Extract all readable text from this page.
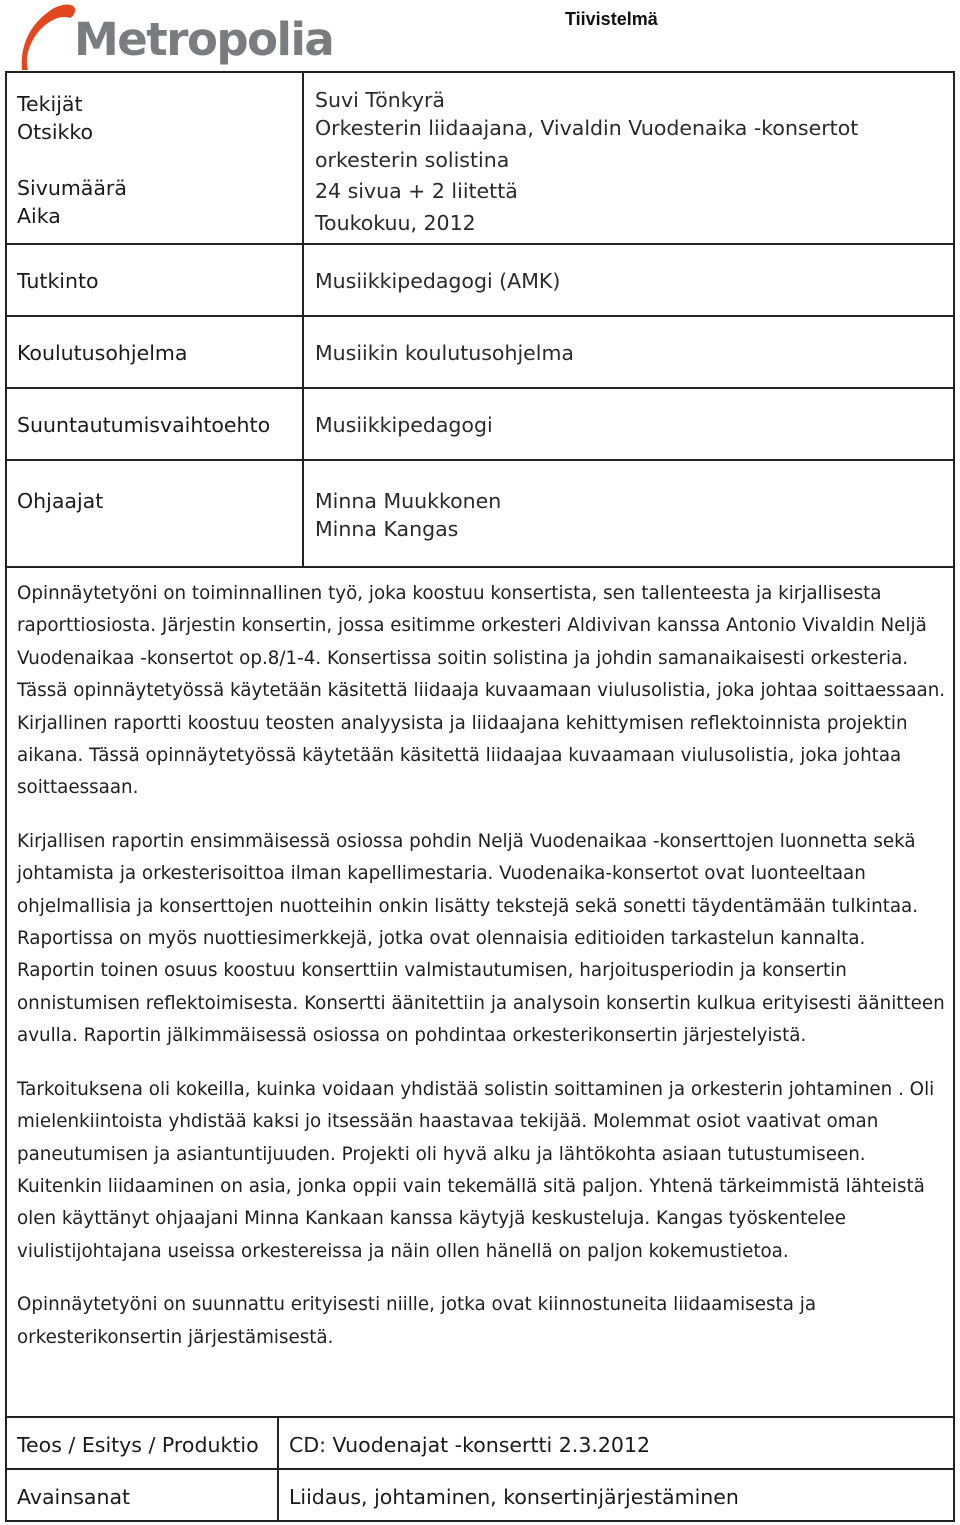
Metropolia	Tiivistelmä
Tekijät
Otsikko
Sivumäärä
Aika
Tutkinto
Koulutusohjelma
Suuntautumisvaihtoehto
Ohjaajat
Suvi Tönkyrä
Orkesterin liidaajana, Vivaldin Vuodenaika -konsertot orkesterin solistina
24 sivua + 2 liitettä
Toukokuu, 2012
Musiikkipedagogi (AMK)
Musiikin koulutusohjelma
Musiikkipedagogi
Minna Muukkonen
Minna Kangas

Opinnäytetyöni on toiminnallinen työ, joka koostuu konsertista, sen tallenteesta ja kirjallisesta raporttiosiosta. Järjestin konsertin, jossa esitimme orkesteri Aldivivan kanssa Antonio Vivaldin Neljä Vuodenaikaa -konsertot op.8/1-4. Konsertissa soitin solistina ja johdin samanaikaisesti orkesteria. Tässä opinnäytetyössä käytetään käsitettä liidaaja kuvaamaan viulusolistia, joka johtaa soittaessaan. Kirjallinen raportti koostuu teosten analyysista ja liidaajana kehittymisen reflektoinnista projektin aikana. Tässä opinnäytetyössä käytetään käsitettä liidaajaa kuvaamaan viulusolistia, joka johtaa soittaessaan.

Kirjallisen raportin ensimmäisessä osiossa pohdin Neljä Vuodenaikaa -konserttojen luonnetta sekä johtamista ja orkesterisoittoa ilman kapellimestaria. Vuodenaika-konsertot ovat luonteeltaan ohjelmallisia ja konserttojen nuotteihin onkin lisätty tekstejä sekä sonetti täydentämään tulkintaa. Raportissa on myös nuottiesimerkkejä, jotka ovat olennaisia editioiden tarkastelun kannalta. Raportin toinen osuus koostuu konserttiin valmistautumisen, harjoitusperiodin ja konsertin onnistumisen reflektoimisesta. Konsertti äänitettiin ja analysoin konsertin kulkua erityisesti äänitteen avulla. Raportin jälkimmäisessä osiossa on pohdintaa orkesterikonsertin järjestelyistä.

Tarkoituksena oli kokeilla, kuinka voidaan yhdistää solistin soittaminen ja orkesterin johtaminen . Oli mielenkiintoista yhdistää kaksi jo itsessään haastavaa tekijää. Molemmat osiot vaativat oman paneutumisen ja asiantuntijuuden. Projekti oli hyvä alku ja lähtökohta asiaan tutustumiseen. Kuitenkin liidaaminen on asia, jonka oppii vain tekemällä sitä paljon. Yhtenä tärkeimmistä lähteistä olen käyttänyt ohjaajani Minna Kankaan kanssa käytyjä keskusteluja. Kangas työskentelee viulistijohtajana useissa orkestereissa ja näin ollen hänellä on paljon kokemustietoa.

Opinnäytetyöni on suunnattu erityisesti niille, jotka ovat kiinnostuneita liidaamisesta ja orkesterikonsertin järjestämisestä.

Teos / Esitys / Produktio CD: Vuodenajat -konsertti 2.3.2012
Avainsanat	Liidaus, johtaminen, konsertinjärjestäminen
